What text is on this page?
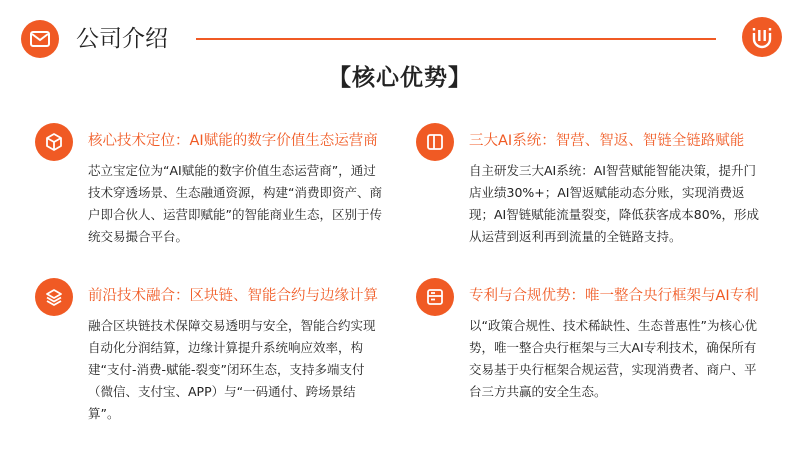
公司介绍
【核心优势】
核心技术定位：AI赋能的数字价值生态运营商
芯立宝定位为“AI赋能的数字价值生态运营商”，通过技术穿透场景、生态融通资源，构建“消费即资产、商户即合伙人、运营即赋能”的智能商业生态，区别于传统交易撮合平台。
三大AI系统：智营、智返、智链全链路赋能
自主研发三大AI系统：AI智营赋能智能决策，提升门店业绩30%+；AI智返赋能动态分账，实现消费返现；AI智链赋能流量裂变，降低获客成本80%，形成从运营到返利再到流量的全链路支持。
前沿技术融合：区块链、智能合约与边缘计算
融合区块链技术保障交易透明与安全，智能合约实现自动化分润结算，边缘计算提升系统响应效率，构建“支付-消费-赋能-裂变”闭环生态，支持多端支付（微信、支付宝、APP）与“一码通付、跨场景结算”。
专利与合规优势：唯一整合央行框架与AI专利
以“政策合规性、技术稀缺性、生态普惠性”为核心优势，唯一整合央行框架与三大AI专利技术，确保所有交易基于央行框架合规运营，实现消费者、商户、平台三方共赢的安全生态。
